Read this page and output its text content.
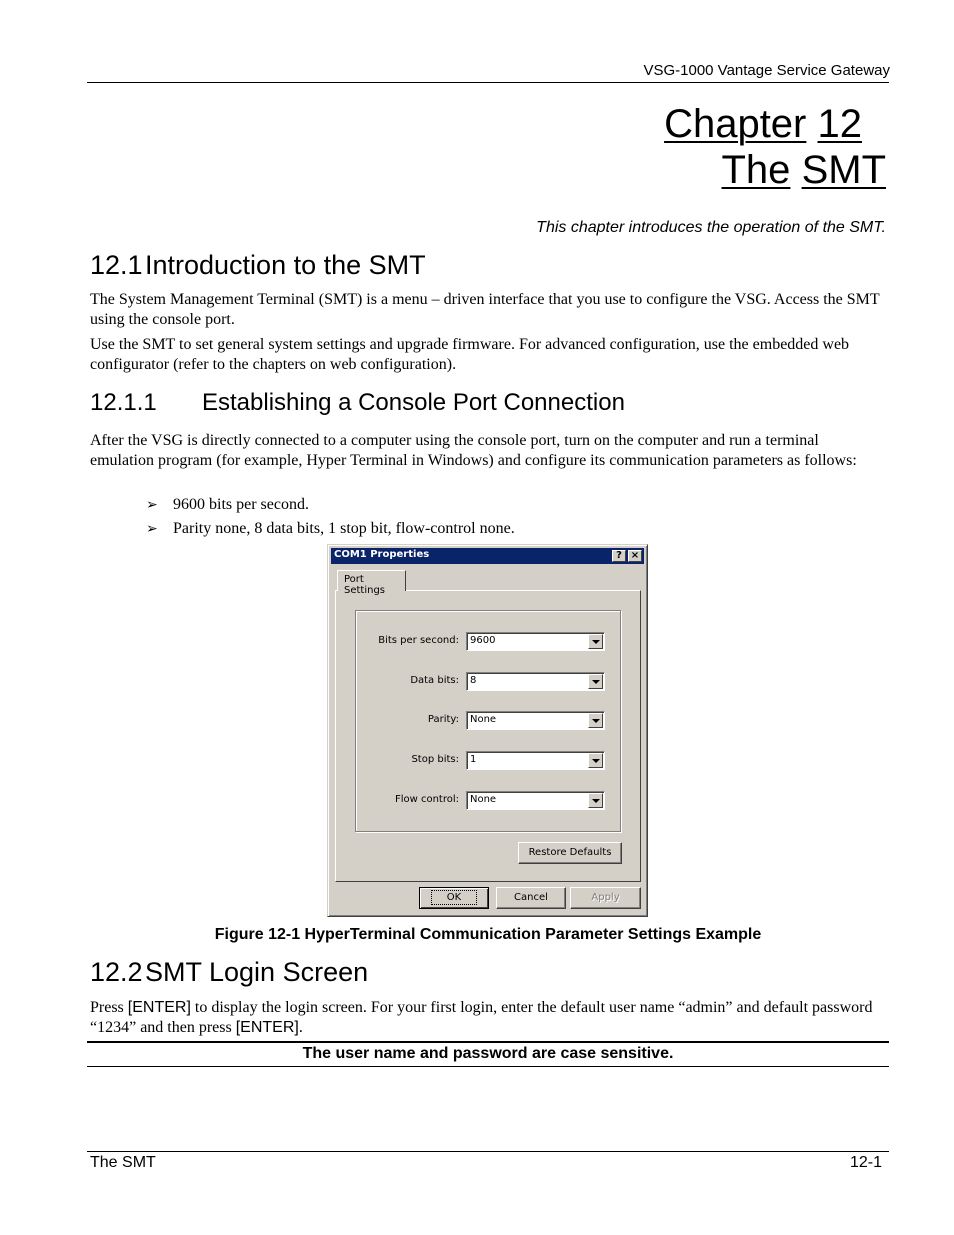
VSG-1000 Vantage Service Gateway
Chapter 12
The SMT
This chapter introduces the operation of the SMT.
12.1Introduction to the SMT
The System Management Terminal (SMT) is a menu – driven interface that you use to configure the VSG. Access the SMT using the console port.
Use the SMT to set general system settings and upgrade firmware. For advanced configuration, use the embedded web configurator (refer to the chapters on web configuration).
12.1.1 Establishing a Console Port Connection
After the VSG is directly connected to a computer using the console port, turn on the computer and run a terminal emulation program (for example, Hyper Terminal in Windows) and configure its communication parameters as follows:
➢ 9600 bits per second.
➢ Parity none, 8 data bits, 1 stop bit, flow-control none.
COM1 Properties	? ×
Port Settings
Bits per second: 9600
Data bits: 8
Parity: None
Stop bits: 1
Flow control: None
Restore Defaults
OK	Cancel	Apply
Figure 12-1 HyperTerminal Communication Parameter Settings Example
12.2SMT Login Screen
Press [ENTER] to display the login screen. For your first login, enter the default user name “admin” and default password “1234” and then press [ENTER].
The user name and password are case sensitive.
The SMT	12-1
